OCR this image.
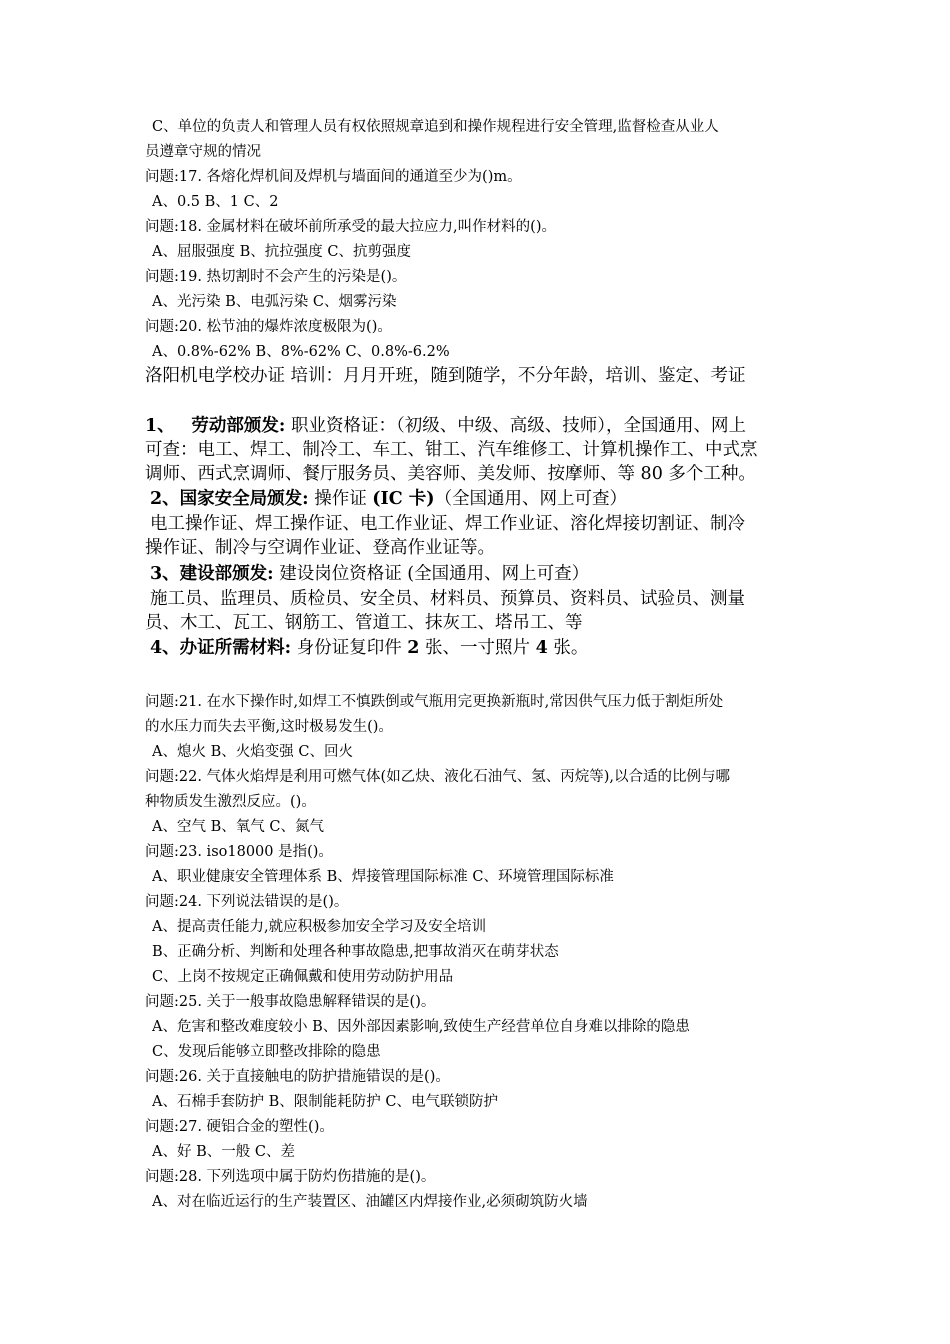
C、单位的负责人和管理人员有权依照规章追到和操作规程进行安全管理,监督检查从业人
员遵章守规的情况
问题:17. 各熔化焊机间及焊机与墙面间的通道至少为()m。
A、0.5 B、1 C、2
问题:18. 金属材料在破坏前所承受的最大拉应力,叫作材料的()。
A、屈服强度 B、抗拉强度 C、抗剪强度
问题:19. 热切割时不会产生的污染是()。
A、光污染 B、电弧污染 C、烟雾污染
问题:20. 松节油的爆炸浓度极限为()。
A、0.8%-62% B、8%-62% C、0.8%-6.2%
洛阳机电学校办证 培训：月月开班，随到随学，不分年龄，培训、鉴定、考证
1、 劳动部颁发: 职业资格证：（初级、中级、高级、技师），全国通用、网上
可查：电工、焊工、制冷工、车工、钳工、汽车维修工、计算机操作工、中式烹
调师、西式烹调师、餐厅服务员、美容师、美发师、按摩师、等 80 多个工种。
2、国家安全局颁发: 操作证 (IC 卡)（全国通用、网上可查）
电工操作证、焊工操作证、电工作业证、焊工作业证、溶化焊接切割证、制冷
操作证、制冷与空调作业证、登高作业证等。
3、建设部颁发: 建设岗位资格证 (全国通用、网上可查）
施工员、监理员、质检员、安全员、材料员、预算员、资料员、试验员、测量
员、木工、瓦工、钢筋工、管道工、抹灰工、塔吊工、等
4、办证所需材料: 身份证复印件 2 张、一寸照片 4 张。
问题:21. 在水下操作时,如焊工不慎跌倒或气瓶用完更换新瓶时,常因供气压力低于割炬所处
的水压力而失去平衡,这时极易发生()。
A、熄火 B、火焰变强 C、回火
问题:22. 气体火焰焊是利用可燃气体(如乙炔、液化石油气、氢、丙烷等),以合适的比例与哪
种物质发生激烈反应。()。
A、空气 B、氧气 C、氮气
问题:23. iso18000 是指()。
A、职业健康安全管理体系 B、焊接管理国际标准 C、环境管理国际标准
问题:24. 下列说法错误的是()。
A、提高责任能力,就应积极参加安全学习及安全培训
B、正确分析、判断和处理各种事故隐患,把事故消灭在萌芽状态
C、上岗不按规定正确佩戴和使用劳动防护用品
问题:25. 关于一般事故隐患解释错误的是()。
A、危害和整改难度较小 B、因外部因素影响,致使生产经营单位自身难以排除的隐患
C、发现后能够立即整改排除的隐患
问题:26. 关于直接触电的防护措施错误的是()。
A、石棉手套防护 B、限制能耗防护 C、电气联锁防护
问题:27. 硬铝合金的塑性()。
A、好 B、一般 C、差
问题:28. 下列选项中属于防灼伤措施的是()。
A、对在临近运行的生产装置区、油罐区内焊接作业,必须砌筑防火墙
